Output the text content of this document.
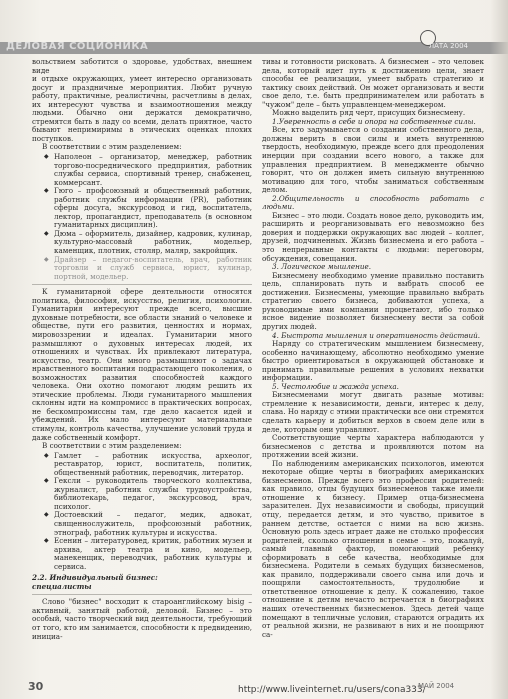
ДЕЛОВАЯ СОЦИОНИКА	ЛАТА 2004

вольствием заботится о здоровье, удобствах, внешнем виде

и отдыхе окружающих, умеет интересно организовать досуг и праздничные мероприятия. Любит ручную работу, практичные, реалистичны, расчетливы в делах, их интересуют чувства и взаимоотношения между людьми. Обычно они держатся демократично, стремятся быть в ладу со всеми, делать приятное, часто бывают непримиримы в этических оценках плохих поступков.

В соответствии с этим разделением:

◆ Наполеон – организатор, менеджер, работник торгово-посреднического предприятия, работник службы сервиса, спортивный тренер, снабженец, коммерсант.
◆ Гюго – профсоюзный и общественный работник, работник службы информации (PR), работник сферы досуга, экскурсовод и гид, воспитатель, лектор, пропагандист, преподаватель (в основном гуманитарных дисциплин).
◆ Дюма – оформитель, дизайнер, кадровик, кулинар, культурно-массовый работник, модельер, каменщик, плотник, столяр, маляр, закройщик.
◆ Драйзер – педагог-воспитатель, врач, работник торговли и служб сервиса, юрист, кулинар, портной, модельер.

К гуманитарной сфере деятельности относятся политика, философия, искусство, религия, психология. Гуманитария интересуют прежде всего, высшие духовные потребности, все области знаний о человеке и обществе, пути его развития, ценностях и нормах, мировоззрении и идеалах. Гуманитарии много размышляют о духовных интересах людей, их отношениях и чувствах. Их привлекают литература, искусство, театр. Они много размышляют о задачах нравственного воспитания подрастающего поколения, о возможностях развития способностей каждого человека. Они охотно помогают людям решить их этические проблемы. Люди гуманитарного мышления склонны идти на компромисс в практических вопросах, не бескомпромиссны там, где дело касается идей и убеждений. Их мало интересуют материальные стимулы, контроль качества, улучшение условий труда и даже собственный комфорт.

В соответствии с этим разделением:

◆ Гамлет – работник искусства, археолог, реставратор, юрист, воспитатель, политик, общественный работник, переводчик, литератор.
◆ Гексли – руководитель творческого коллектива, журналист, работник службы трудоустройства, библиотекарь, педагог, экскурсовод, врач, психолог.
◆ Достоевский – педагог, медик, адвокат, священнослужитель, профсоюзный работник, этнограф, работник культуры и искусства.
◆ Есенин – литературовед, критик, работник музея и архива, актер театра и кино, модельер, манекенщик, переводчик, работник культуры и сервиса.
2.2. Индивидуальный бизнес:
специалисты

Слово "бизнес" восходит к староанглийскому bisig – активный, занятый работой, деловой. Бизнес – это особый, часто творческий вид деятельности, требующий от того, кто им занимается, способности к предвидению, инициа-

тивы и готовности рисковать. А бизнесмен – это человек дела, который идет путь к достижению цели, знает способы ее реализации, умеет выбрать стратегию и тактику своих действий. Он может организовать и вести свое дело, т.е. быть предпринимателем или работать в "чужом" деле – быть управленцем-менеджером.

Можно выделить ряд черт, присущих бизнесмену.

1.Уверенность в себе и опора на собственные силы.

Все, кто задумывается о создании собственного дела, должны верить в свои силы и иметь внутреннюю твердость, необходимую, прежде всего для преодоления инерции при создании всего нового, а также для управления предприятием. В менеджменте обычно говорят, что он должен иметь сильную внутреннюю мотивацию для того, чтобы заниматься собственным делом.

2.Общительность и способность работать с людьми.

Бизнес – это люди. Создать новое дело, руководить им, расширять и реорганизовывать его невозможно без доверия и поддержки окружающих вас людей – коллег, друзей, подчиненных. Жизнь бизнесмена и его работа – это непрерывные контакты с людьми: переговоры, обсуждения, совещания.

3. Логическое мышление.

Бизнесмену необходимо умение правильно поставить цель, спланировать путь и выбрать способ ее достижения. Бизнесмены, умеющие правильно выбрать стратегию своего бизнеса, добиваются успеха, а руководимые ими компании процветают, ибо только ясное видение позволяет бизнесмену вести за собой других людей.

4. Быстрота мышления и оперативность действий.

Наряду со стратегическим мышлением бизнесмену, особенно начинающему, абсолютно необходимо умение быстро ориентироваться в окружающей обстановке и принимать правильные решения в условиях нехватки информации.

5. Честолюбие и жажда успеха.

Бизнесменами могут двигать разные мотивы: стремление к независимости, деньги, интерес к делу, слава. Но наряду с этими практически все они стремятся сделать карьеру и добиться верхов в своем деле или в деле, которым они управляют.

Соответствующие черты характера наблюдаются у бизнесменов с детства и проявляются потом на протяжении всей жизни.

По наблюдениям американских психологов, имеются некоторые общие черты в биографиях американских бизнесменов. Прежде всего это профессия родителей: как правило, отцы будущих бизнесменов также имели отношение к бизнесу. Пример отца-бизнесмена заразителен. Дух независимости и свободы, присущий отцу, передается детям, и это чувство, привитое в раннем детстве, остается с ними на всю жизнь. Основную роль здесь играет даже не столько профессия родителей, сколько отношения в семье – это, пожалуй, самый главный фактор, помогающий ребенку сформировать в себе качества, необходимые для бизнесмена. Родители в семьях будущих бизнесменов, как правило, поддерживали своего сына или дочь и поощряли самостоятельность, трудолюбие и ответственное отношение к делу. К сожалению, такое отношение к детям нечасто встречается в биографиях наших отечественных бизнесменов. Здесь детей чаще помещают в тепличные условия, стараются оградить их от реальной жизни, не развивают в них и не поощряют са-

30	http://www.liveinternet.ru/users/cona333/
МАЙ 2004
